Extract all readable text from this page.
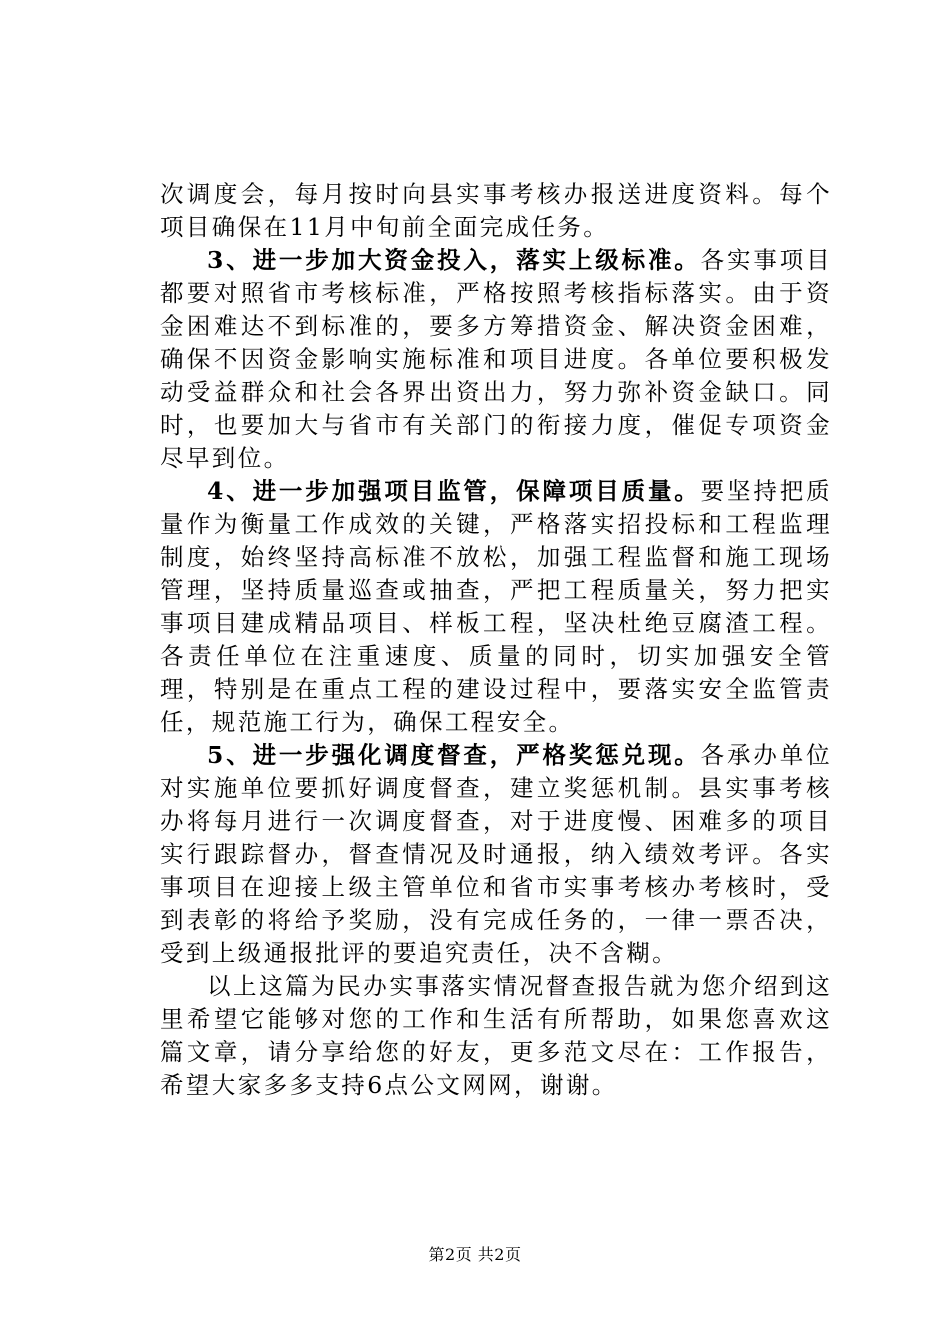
次调度会，每月按时向县实事考核办报送进度资料。每个项目确保在11月中旬前全面完成任务。

3、进一步加大资金投入，落实上级标准。各实事项目都要对照省市考核标准，严格按照考核指标落实。由于资金困难达不到标准的，要多方筹措资金、解决资金困难，确保不因资金影响实施标准和项目进度。各单位要积极发动受益群众和社会各界出资出力，努力弥补资金缺口。同时，也要加大与省市有关部门的衔接力度，催促专项资金尽早到位。

4、进一步加强项目监管，保障项目质量。要坚持把质量作为衡量工作成效的关键，严格落实招投标和工程监理制度，始终坚持高标准不放松，加强工程监督和施工现场管理，坚持质量巡查或抽查，严把工程质量关，努力把实事项目建成精品项目、样板工程，坚决杜绝豆腐渣工程。各责任单位在注重速度、质量的同时，切实加强安全管理，特别是在重点工程的建设过程中，要落实安全监管责任，规范施工行为，确保工程安全。

5、进一步强化调度督查，严格奖惩兑现。各承办单位对实施单位要抓好调度督查，建立奖惩机制。县实事考核办将每月进行一次调度督查，对于进度慢、困难多的项目实行跟踪督办，督查情况及时通报，纳入绩效考评。各实事项目在迎接上级主管单位和省市实事考核办考核时，受到表彰的将给予奖励，没有完成任务的，一律一票否决，受到上级通报批评的要追究责任，决不含糊。

以上这篇为民办实事落实情况督查报告就为您介绍到这里希望它能够对您的工作和生活有所帮助，如果您喜欢这篇文章，请分享给您的好友，更多范文尽在：工作报告，希望大家多多支持6点公文网网，谢谢。

第2页 共2页
